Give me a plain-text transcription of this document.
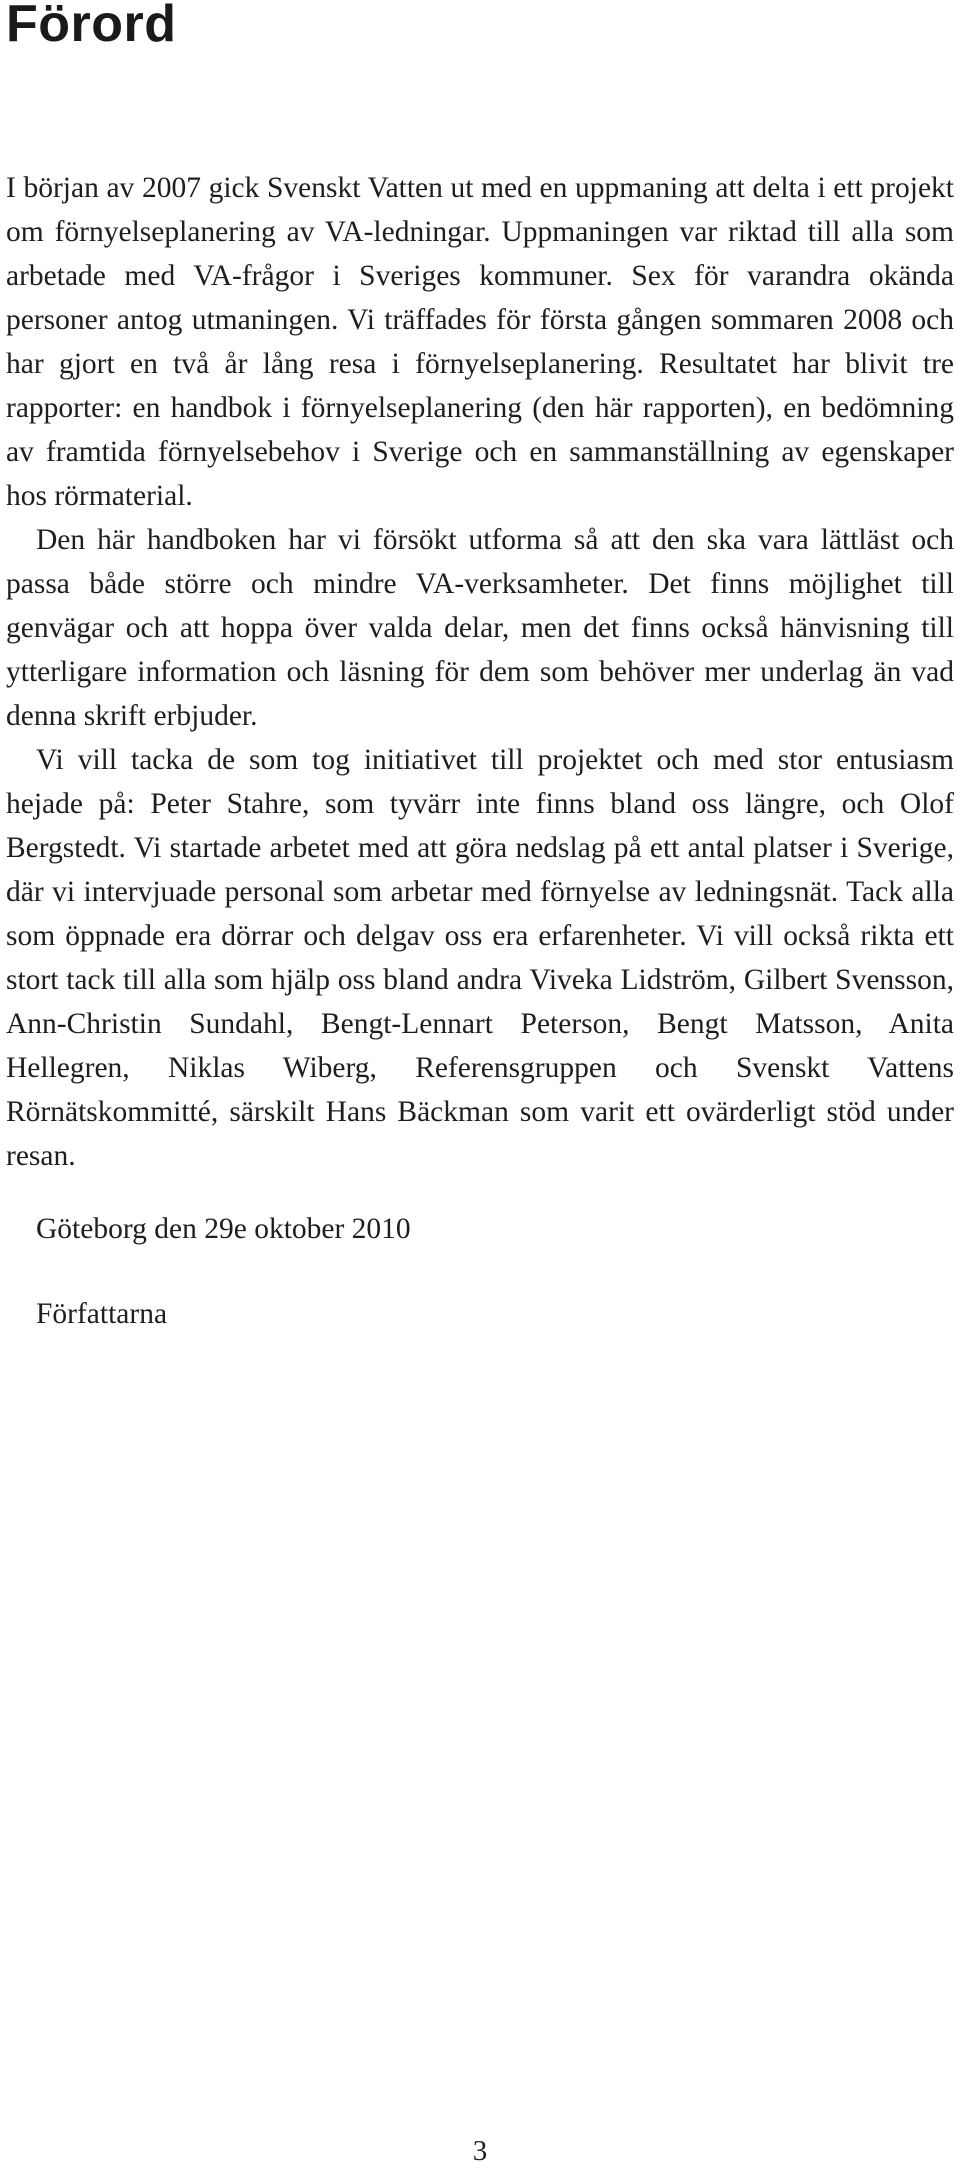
Förord

I början av 2007 gick Svenskt Vatten ut med en uppmaning att delta i ett projekt om förnyelseplanering av VA-ledningar. Uppmaningen var riktad till alla som arbetade med VA-frågor i Sveriges kommuner. Sex för varandra okända personer antog utmaningen. Vi träffades för första gången sommaren 2008 och har gjort en två år lång resa i förnyelseplanering. Resultatet har blivit tre rapporter: en handbok i förnyelseplanering (den här rapporten), en bedömning av framtida förnyelsebehov i Sverige och en sammanställning av egenskaper hos rörmaterial.

Den här handboken har vi försökt utforma så att den ska vara lättläst och passa både större och mindre VA-verksamheter. Det finns möjlighet till genvägar och att hoppa över valda delar, men det finns också hänvisning till ytterligare information och läsning för dem som behöver mer underlag än vad denna skrift erbjuder.

Vi vill tacka de som tog initiativet till projektet och med stor entusiasm hejade på: Peter Stahre, som tyvärr inte finns bland oss längre, och Olof Bergstedt. Vi startade arbetet med att göra nedslag på ett antal platser i Sverige, där vi intervjuade personal som arbetar med förnyelse av ledningsnät. Tack alla som öppnade era dörrar och delgav oss era erfarenheter. Vi vill också rikta ett stort tack till alla som hjälp oss bland andra Viveka Lidström, Gilbert Svensson, Ann-Christin Sundahl, Bengt-Lennart Peterson, Bengt Matsson, Anita Hellegren, Niklas Wiberg, Referensgruppen och Svenskt Vattens Rörnätskommitté, särskilt Hans Bäckman som varit ett ovärderligt stöd under resan.

Göteborg den 29e oktober 2010

Författarna

3
